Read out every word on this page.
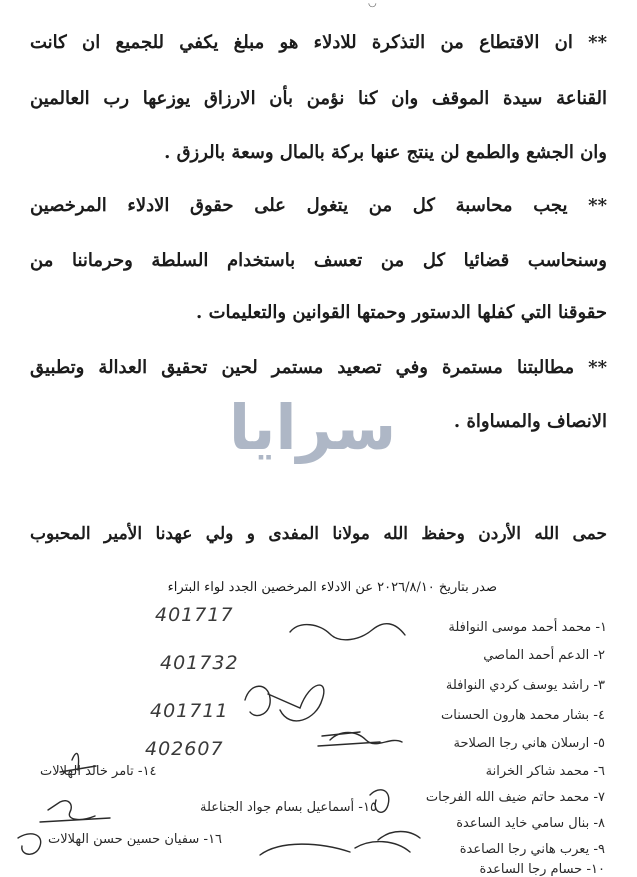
◡
** ان الاقتطاع من التذكرة للادلاء هو مبلغ يكفي للجميع ان كانت
القناعة سيدة الموقف وان كنا نؤمن بأن الارزاق يوزعها رب العالمين
وان الجشع والطمع لن ينتج عنها بركة بالمال وسعة بالرزق .
** يجب محاسبة كل من يتغول على حقوق الادلاء المرخصين
وسنحاسب قضائيا كل من تعسف باستخدام السلطة وحرماننا من
حقوقنا التي كفلها الدستور وحمتها القوانين والتعليمات .
** مطالبتنا مستمرة وفي تصعيد مستمر لحين تحقيق العدالة وتطبيق
الانصاف والمساواة .
سرايا
حمى الله الأردن وحفظ الله مولانا المفدى و ولي عهدنا الأمير المحبوب
صدر بتاريخ ٢٠٢٦/٨/١٠ عن الادلاء المرخصين الجدد لواء البتراء
401717
401732
401711
402607
١- محمد أحمد موسى النوافلة
٢- الدعم أحمد الماصي
٣- راشد يوسف كردي النوافلة
٤- بشار محمد هارون الحسنات
٥- ارسلان هاني رجا الصلاحة
٦- محمد شاكر الخرانة
٧- محمد حاتم ضيف الله الفرجات
٨- بنال سامي خايد الساعدة
٩- يعرب هاني رجا الصاعدة
١٠- حسام رجا الساعدة
١٤- تامر خالد الهلالات
١٥- أسماعيل بسام جواد الجناعلة
١٦- سفيان حسين حسن الهلالات
